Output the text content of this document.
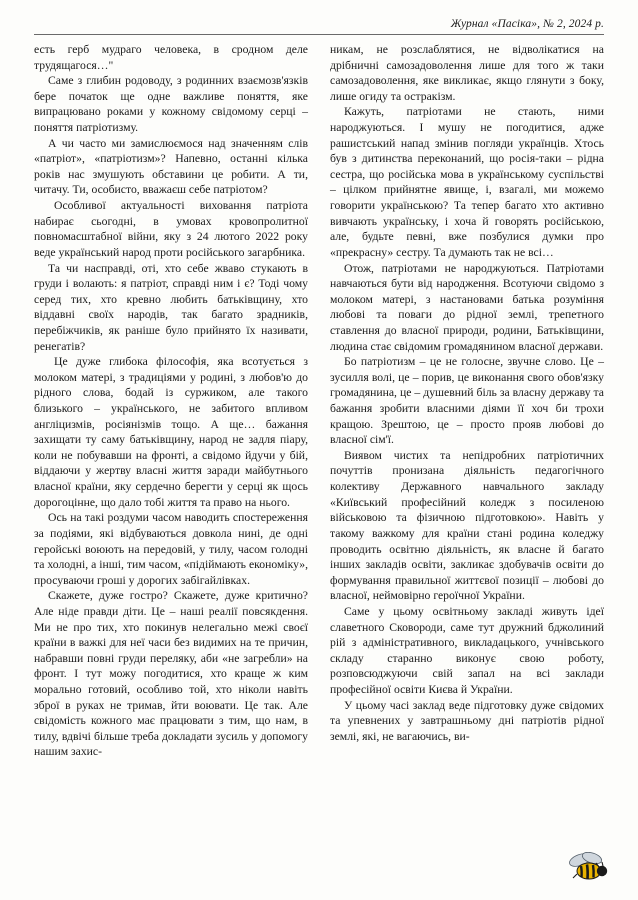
Журнал «Пасіка», № 2, 2024 р.

есть герб мудраго человека, в сродном деле трудящагося…"

Саме з глибин родоводу, з родинних взаємозв'язків бере початок ще одне важливе поняття, яке випрацювано роками у кожному свідомому серці – поняття патріотизму.

А чи часто ми замислюємося над значенням слів «патріот», «патріотизм»? Напевно, останні кілька років нас змушують обставини це робити. А ти, читачу. Ти, особисто, вважаєш себе патріотом?

Особливої актуальності виховання патріота набирає сьогодні, в умовах кровопролитної повномасштабної війни, яку з 24 лютого 2022 року веде український народ проти російського загарбника.

Та чи насправді, оті, хто себе жваво стукають в груди і волають: я патріот, справді ним і є? Тоді чому серед тих, хто кревно любить батьківщину, хто віддавні своїх народів, так багато зрадників, перебіжчиків, як раніше було прийнято їх називати, ренегатів?

Це дуже глибока філософія, яка всотується з молоком матері, з традиціями у родині, з любов'ю до рідного слова, бодай із суржиком, але такого близького – українського, не забитого впливом англіцизмів, росіянізмів тощо. А ще… бажання захищати ту саму батьківщину, народ не задля піару, коли не побувавши на фронті, а свідомо йдучи у бій, віддаючи у жертву власні життя заради майбутнього власної країни, яку сердечно берегти у серці як щось дорогоцінне, що дало тобі життя та право на нього.

Ось на такі роздуми часом наводить спостереження за подіями, які відбуваються довкола нині, де одні геройські воюють на передовій, у тилу, часом голодні та холодні, а інші, тим часом, «підіймають економіку», просуваючи гроші у дорогих забігайлівках.

Скажете, дуже гостро? Скажете, дуже критично? Але ніде правди діти. Це – наші реалії повсякдення. Ми не про тих, хто покинув нелегально межі своєї країни в важкі для неї часи без видимих на те причин, набравши повні груди переляку, аби «не загребли» на фронт. І тут можу погодитися, хто краще ж ким морально готовий, особливо той, хто ніколи навіть зброї в руках не тримав, йти воювати. Це так. Але свідомість кожного має працювати з тим, що нам, в тилу, вдвічі більше треба докладати зусиль у допомогу нашим захис-

никам, не розслаблятися, не відволікатися на дрібничні самозадоволення лише для того ж таки самозадоволення, яке викликає, якщо глянути з боку, лише огиду та остракізм.

Кажуть, патріотами не стають, ними народжуються. І мушу не погодитися, адже рашистський напад змінив погляди українців. Хтось був з дитинства переконаний, що росія-таки – рідна сестра, що російська мова в українському суспільстві – цілком прийнятне явище, і, взагалі, ми можемо говорити українською? Та тепер багато хто активно вивчають українську, і хоча й говорять російською, але, будьте певні, вже позбулися думки про «прекрасну» сестру. Та думають так не всі…

Отож, патріотами не народжуються. Патріотами навчаються бути від народження. Всотуючи свідомо з молоком матері, з настановами батька розуміння любові та поваги до рідної землі, трепетного ставлення до власної природи, родини, Батьківщини, людина стає свідомим громадянином власної держави.

Бо патріотизм – це не голосне, звучне слово. Це – зусилля волі, це – порив, це виконання свого обов'язку громадянина, це – душевний біль за власну державу та бажання зробити власними діями її хоч би трохи кращою. Зрештою, це – просто прояв любові до власної сім'ї.

Виявом чистих та непідробних патріотичних почуттів пронизана діяльність педагогічного колективу Державного навчального закладу «Київський професійний коледж з посиленою військовою та фізичною підготовкою». Навіть у такому важкому для країни стані родина коледжу проводить освітню діяльність, як власне й багато інших закладів освіти, закликає здобувачів освіти до формування правильної життєвої позиції – любові до власної, неймовірно героїчної України.

Саме у цьому освітньому закладі живуть ідеї славетного Сковороди, саме тут дружний бджолиний рій з адміністративного, викладацького, учнівського складу старанно виконує свою роботу, розповсюджуючи свій запал на всі заклади професійної освіти Києва й України.

У цьому часі заклад веде підготовку дуже свідомих та упевнених у завтрашньому дні патріотів рідної землі, які, не вагаючись, ви-
